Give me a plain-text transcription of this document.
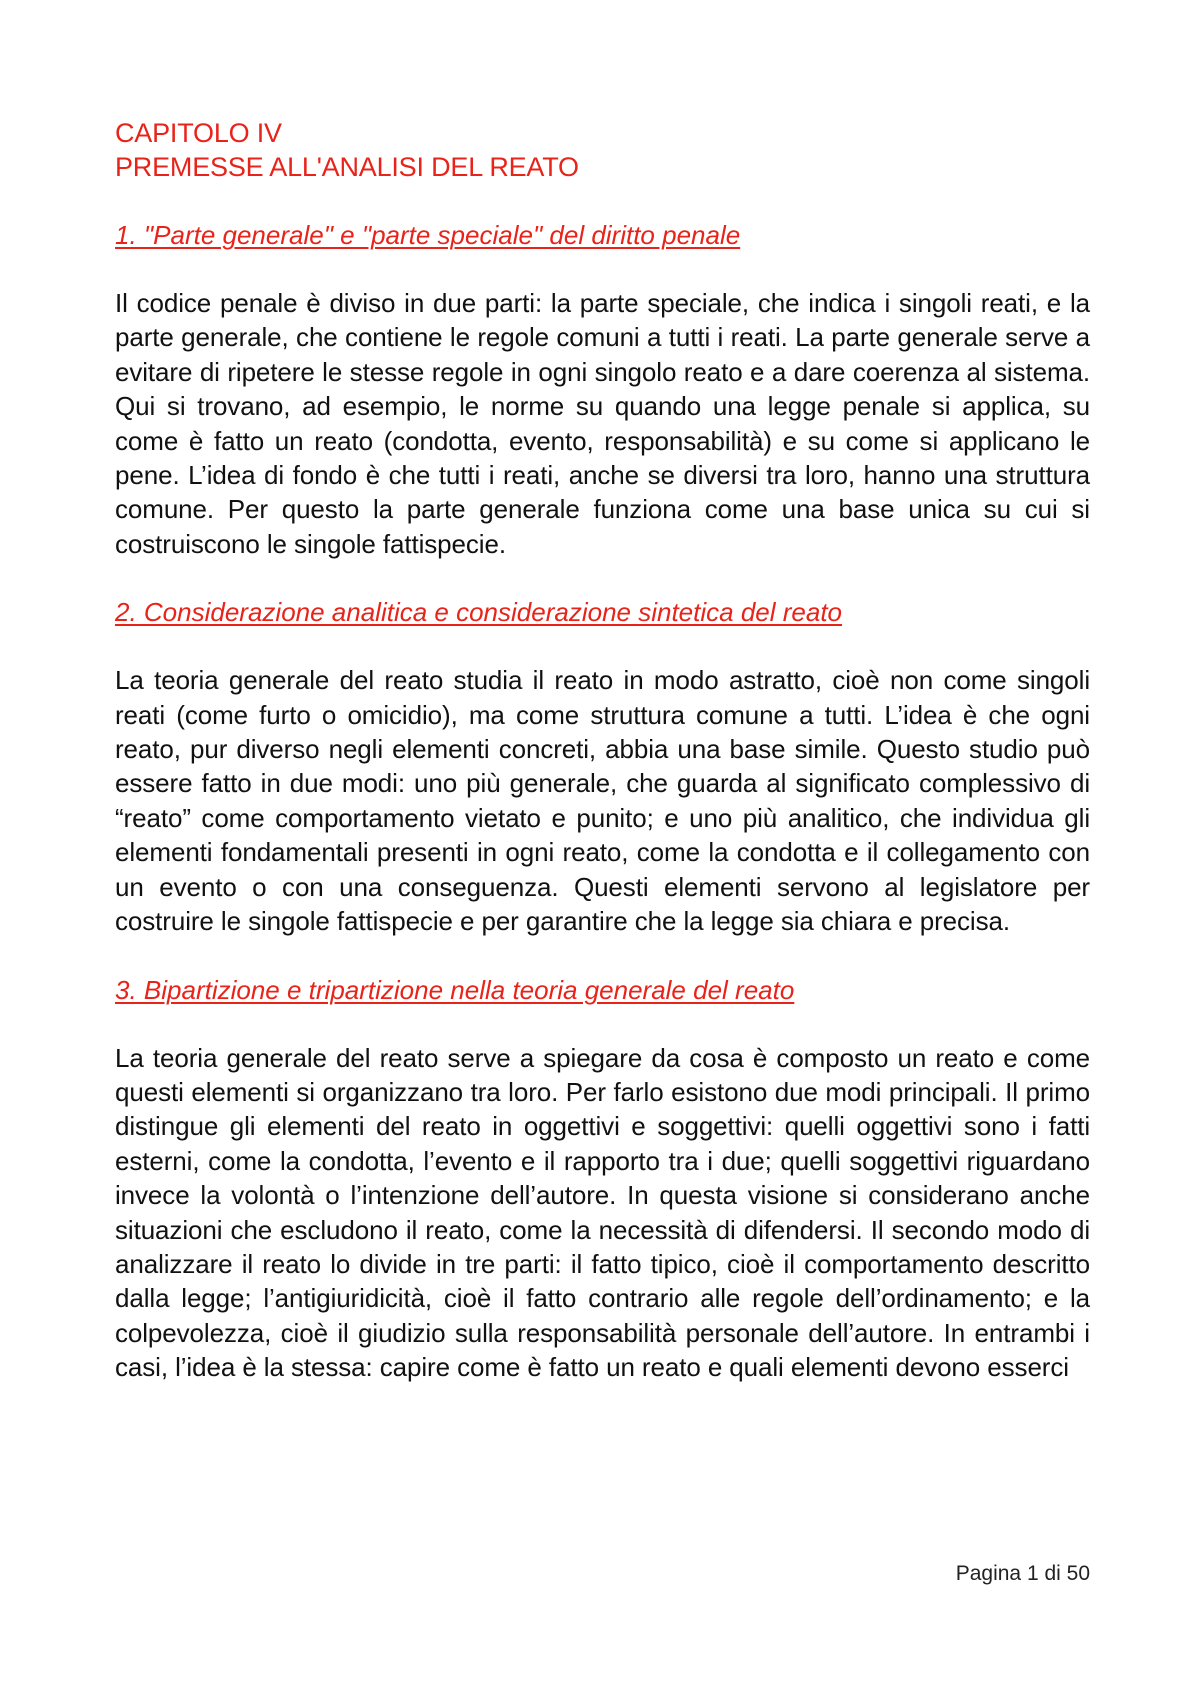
CAPITOLO IV
PREMESSE ALL'ANALISI DEL REATO
1. "Parte generale" e "parte speciale" del diritto penale

Il codice penale è diviso in due parti: la parte speciale, che indica i singoli reati, e la parte generale, che contiene le regole comuni a tutti i reati. La parte generale serve a evitare di ripetere le stesse regole in ogni singolo reato e a dare coerenza al sistema. Qui si trovano, ad esempio, le norme su quando una legge penale si applica, su come è fatto un reato (condotta, evento, responsabilità) e su come si applicano le pene. L’idea di fondo è che tutti i reati, anche se diversi tra loro, hanno una struttura comune. Per questo la parte generale funziona come una base unica su cui si costruiscono le singole fattispecie.

2. Considerazione analitica e considerazione sintetica del reato

La teoria generale del reato studia il reato in modo astratto, cioè non come singoli reati (come furto o omicidio), ma come struttura comune a tutti. L’idea è che ogni reato, pur diverso negli elementi concreti, abbia una base simile. Questo studio può essere fatto in due modi: uno più generale, che guarda al significato complessivo di “reato” come comportamento vietato e punito; e uno più analitico, che individua gli elementi fondamentali presenti in ogni reato, come la condotta e il collegamento con un evento o con una conseguenza. Questi elementi servono al legislatore per costruire le singole fattispecie e per garantire che la legge sia chiara e precisa.

3. Bipartizione e tripartizione nella teoria generale del reato

La teoria generale del reato serve a spiegare da cosa è composto un reato e come questi elementi si organizzano tra loro. Per farlo esistono due modi principali. Il primo distingue gli elementi del reato in oggettivi e soggettivi: quelli oggettivi sono i fatti esterni, come la condotta, l’evento e il rapporto tra i due; quelli soggettivi riguardano invece la volontà o l’intenzione dell’autore. In questa visione si considerano anche situazioni che escludono il reato, come la necessità di difendersi. Il secondo modo di analizzare il reato lo divide in tre parti: il fatto tipico, cioè il comportamento descritto dalla legge; l’antigiuridicità, cioè il fatto contrario alle regole dell’ordinamento; e la colpevolezza, cioè il giudizio sulla responsabilità personale dell’autore. In entrambi i casi, l’idea è la stessa: capire come è fatto un reato e quali elementi devono esserci

Pagina 1 di 50
